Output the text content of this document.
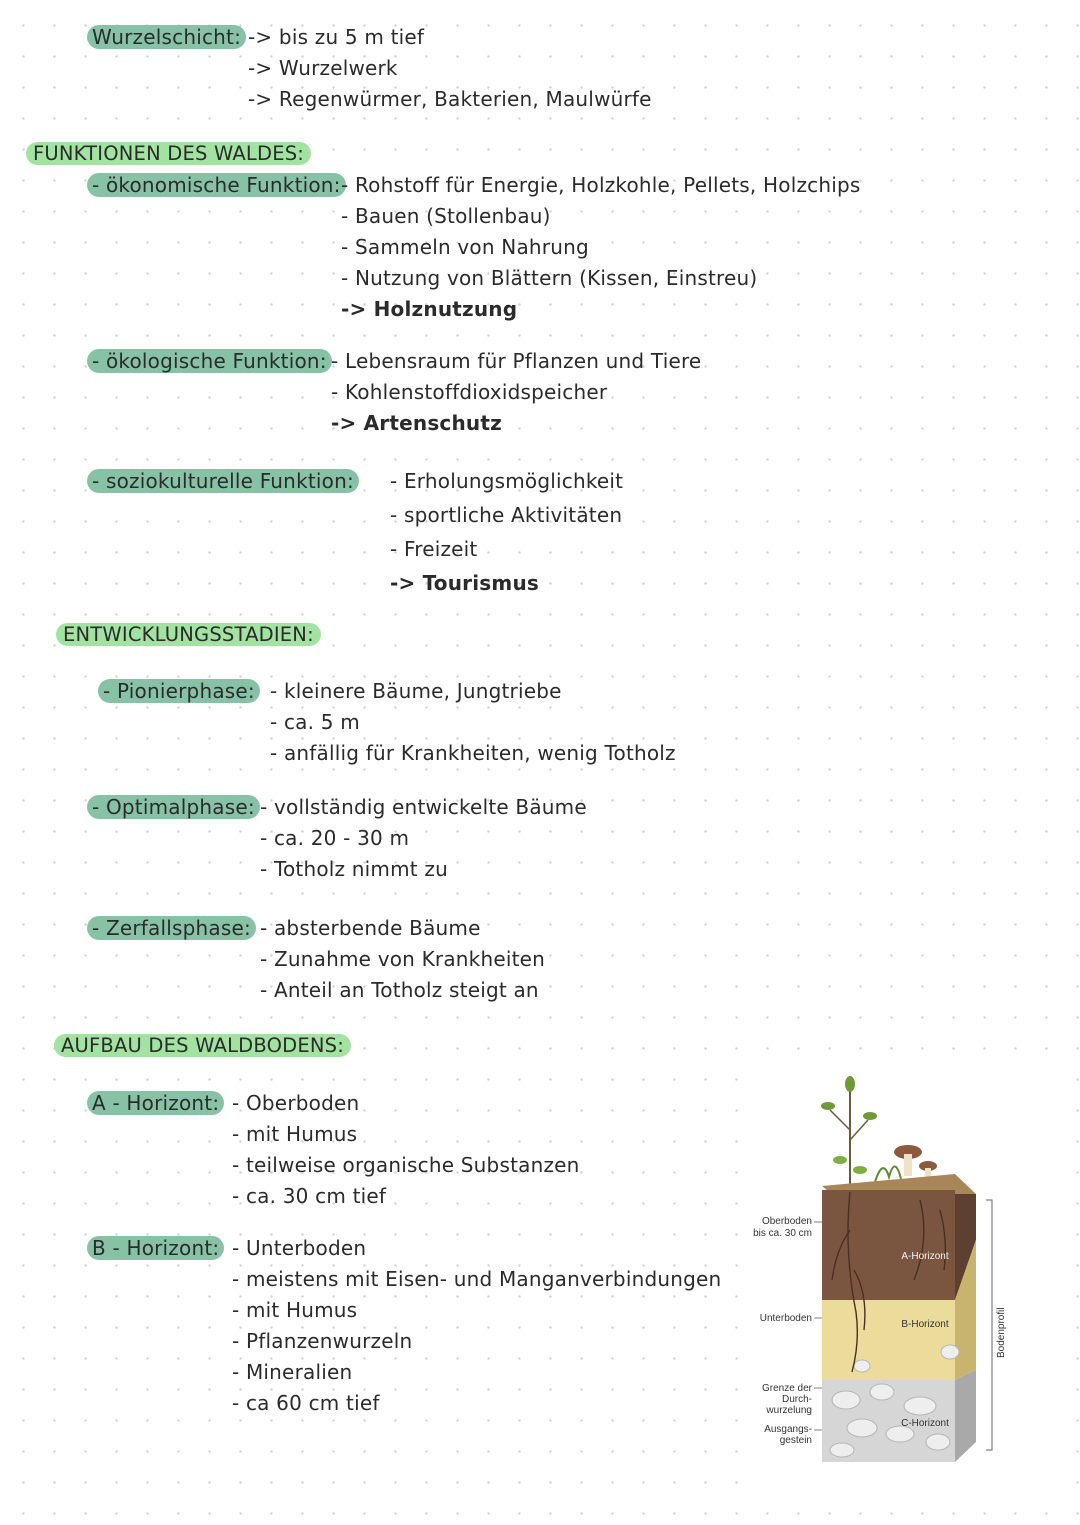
Wurzelschicht: -> bis zu 5 m tief
-> Wurzelwerk
-> Regenwürmer, Bakterien, Maulwürfe
FUNKTIONEN DES WALDES:
- ökonomische Funktion: - Rohstoff für Energie, Holzkohle, Pellets, Holzchips
- Bauen (Stollenbau)
- Sammeln von Nahrung
- Nutzung von Blättern (Kissen, Einstreu)
-> Holznutzung
- ökologische Funktion: - Lebensraum für Pflanzen und Tiere
- Kohlenstoffdioxidspeicher
-> Artenschutz
- soziokulturelle Funktion: - Erholungsmöglichkeit
- sportliche Aktivitäten
- Freizeit
-> Tourismus
ENTWICKLUNGSSTADIEN:
- Pionierphase: - kleinere Bäume, Jungtriebe
- ca. 5 m
- anfällig für Krankheiten, wenig Totholz
- Optimalphase: - vollständig entwickelte Bäume
- ca. 20 - 30 m
- Totholz nimmt zu
- Zerfallsphase: - absterbende Bäume
- Zunahme von Krankheiten
- Anteil an Totholz steigt an
AUFBAU DES WALDBODENS:
A - Horizont: - Oberboden
- mit Humus
- teilweise organische Substanzen
- ca. 30 cm tief
B - Horizont: - Unterboden
- meistens mit Eisen- und Manganverbindungen
- mit Humus
- Pflanzenwurzeln
- Mineralien
- ca 60 cm tief
Oberboden
bis ca. 30 cm
Unterboden
Grenze der
Durch-
wurzelung
Ausgangs-
gestein
A-Horizont
B-Horizont
C-Horizont
Bodenprofil
